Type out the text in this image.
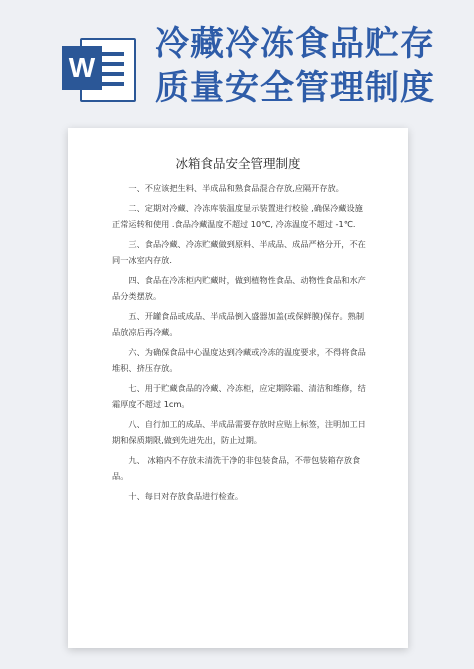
W
冷藏冷冻食品贮存
质量安全管理制度
冰箱食品安全管理制度

一、不应该把生料、半成品和熟食品混合存放,应隔开存放。

二、定期对冷藏、冷冻库装温度显示装置进行校验 ,确保冷藏设施正常运转和使用 .食品冷藏温度不超过 10℃, 冷冻温度不超过 -1℃.

三、食品冷藏、冷冻贮藏做到原料、半成品、成品严格分开，不在同一冰室内存放.

四、食品在冷冻柜内贮藏时，做到植物性食品、动物性食品和水产品分类摆放。

五、开罐食品或成品、半成品倒入盛器加盖(或保鲜膜)保存。熟制品放凉后再冷藏。

六、为确保食品中心温度达到冷藏或冷冻的温度要求，不得将食品堆积、挤压存放。

七、用于贮藏食品的冷藏、冷冻柜，应定期除霜、清洁和维修，结霜厚度不超过 1cm。

八、自行加工的成品、半成品需要存放时应贴上标签，注明加工日期和保质期限,做到先进先出，防止过期。

九、 冰箱内不存放未清洗干净的非包装食品，不带包装箱存放食品。

十、每日对存放食品进行检查。
